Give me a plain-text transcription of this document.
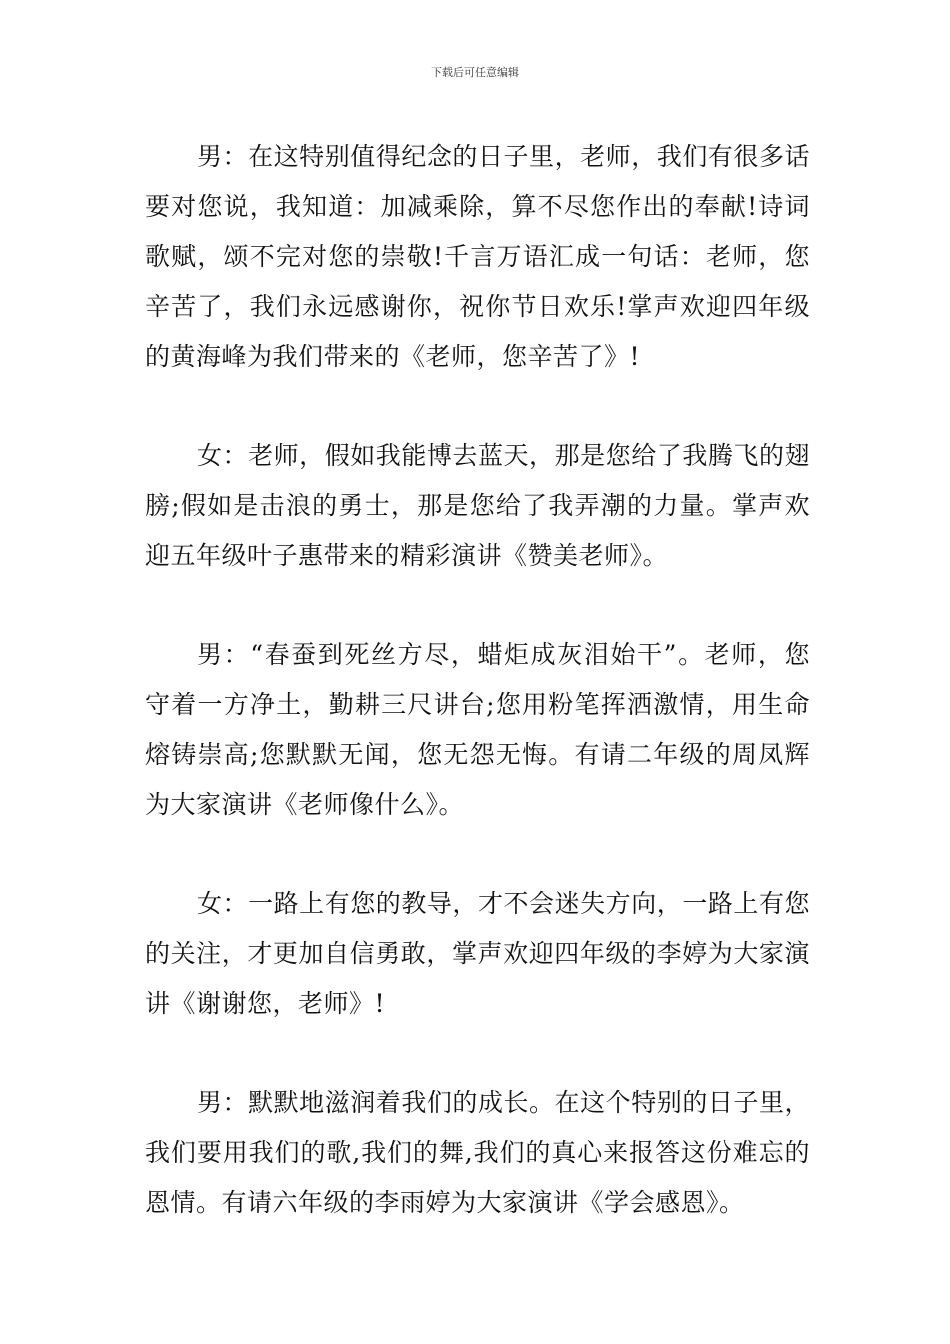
下载后可任意编辑

男：在这特别值得纪念的日子里，老师，我们有很多话要对您说，我知道：加减乘除，算不尽您作出的奉献!诗词歌赋，颂不完对您的崇敬!千言万语汇成一句话：老师，您辛苦了，我们永远感谢你，祝你节日欢乐!掌声欢迎四年级的黄海峰为我们带来的《老师，您辛苦了》!

女：老师，假如我能博去蓝天，那是您给了我腾飞的翅膀;假如是击浪的勇士，那是您给了我弄潮的力量。掌声欢迎五年级叶子惠带来的精彩演讲《赞美老师》。

男：“春蚕到死丝方尽，蜡炬成灰泪始干”。老师，您守着一方净土，勤耕三尺讲台;您用粉笔挥洒激情，用生命熔铸崇高;您默默无闻，您无怨无悔。有请二年级的周凤辉为大家演讲《老师像什么》。

女：一路上有您的教导，才不会迷失方向，一路上有您的关注，才更加自信勇敢，掌声欢迎四年级的李婷为大家演讲《谢谢您，老师》!

男：默默地滋润着我们的成长。在这个特别的日子里，我们要用我们的歌,我们的舞,我们的真心来报答这份难忘的恩情。有请六年级的李雨婷为大家演讲《学会感恩》。
